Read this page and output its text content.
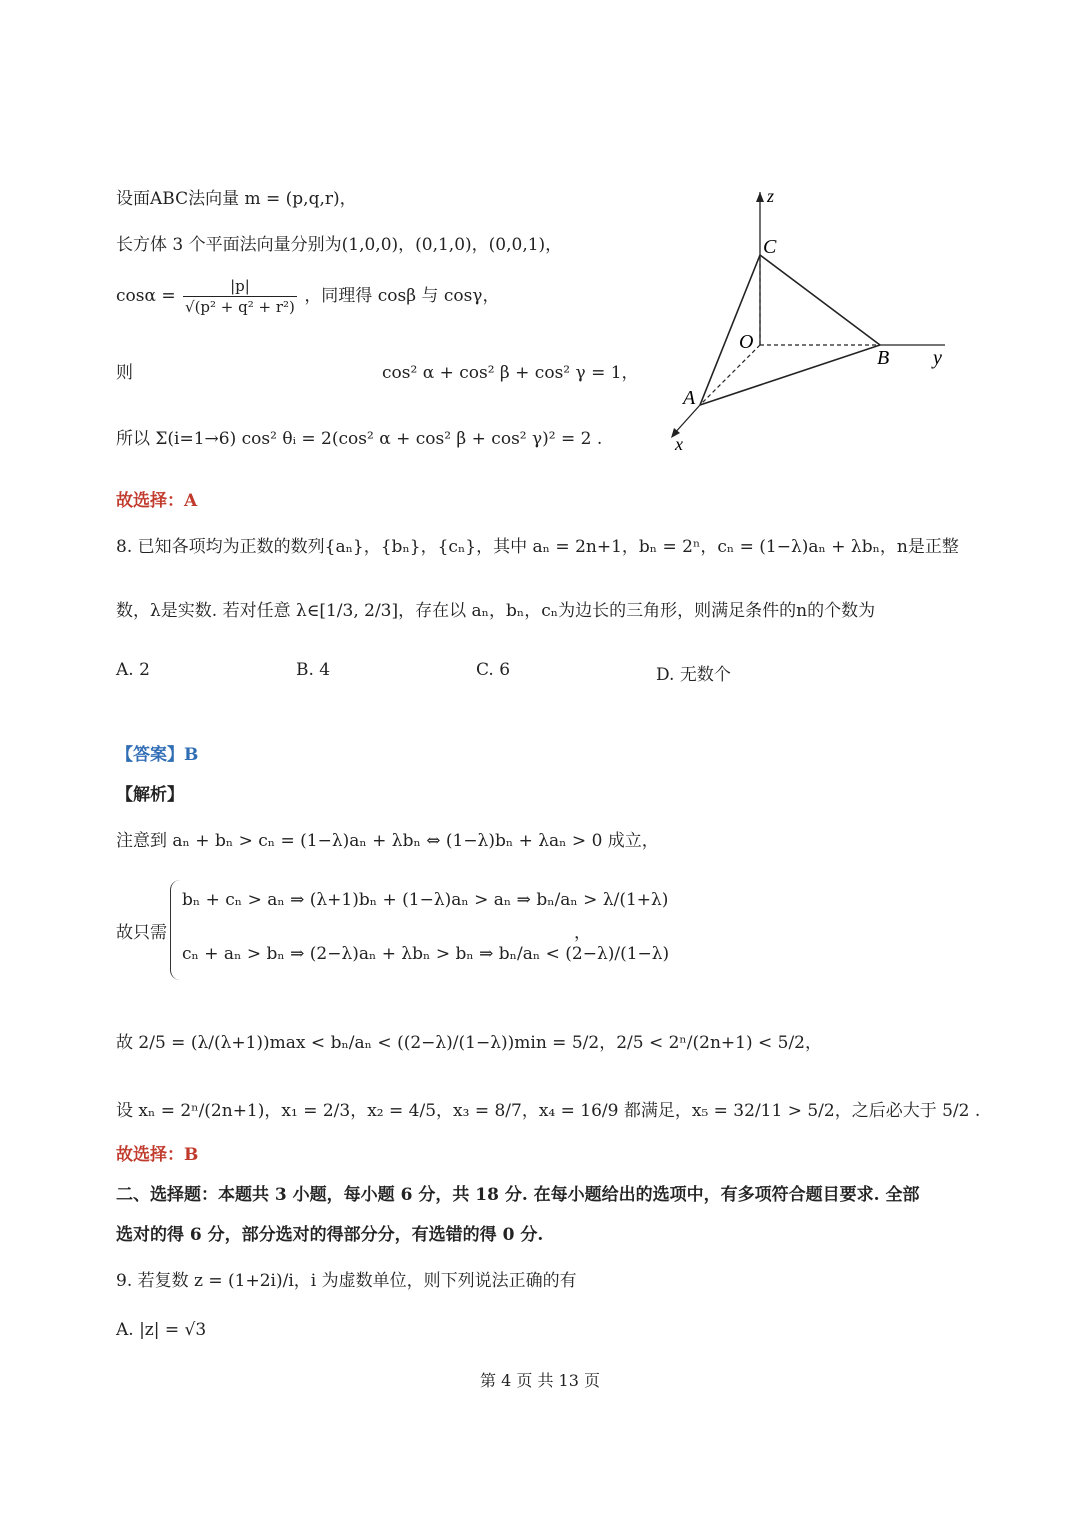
设面ABC法向量 m = (p,q,r)，
长方体 3 个平面法向量分别为(1,0,0)，(0,1,0)，(0,0,1)，
$\cos\alpha = \frac{|p|}{\text{√(p² + q² + r²)}}$ ，同理得 cosβ 与 cosγ，
则	cos² α + cos² β + cos² γ = 1，
所以 Σ(i=1→6) cos² θᵢ = 2(cos² α + cos² β + cos² γ)² = 2 .
故选择：A
z
C
O
B y
A
x
8. 已知各项均为正数的数列{aₙ}，{bₙ}，{cₙ}，其中 aₙ = 2n+1，bₙ = 2ⁿ，cₙ = (1−λ)aₙ + λbₙ，n是正整
数，λ是实数. 若对任意 λ∈[1/3, 2/3]，存在以 aₙ，bₙ，cₙ为边长的三角形，则满足条件的n的个数为
A. 2	B. 4	C. 6	D. 无数个
【答案】B
【解析】
注意到 aₙ + bₙ > cₙ = (1−λ)aₙ + λbₙ ⇔ (1−λ)bₙ + λaₙ > 0 成立，
故只需
bₙ + cₙ > aₙ ⇒ (λ+1)bₙ + (1−λ)aₙ > aₙ ⇒ bₙ/aₙ > λ/(1+λ)
cₙ + aₙ > bₙ ⇒ (2−λ)aₙ + λbₙ > bₙ ⇒ bₙ/aₙ < (2−λ)/(1−λ)
，
故 2/5 = (λ/(λ+1))max < bₙ/aₙ < ((2−λ)/(1−λ))min = 5/2，2/5 < 2ⁿ/(2n+1) < 5/2，
设 xₙ = 2ⁿ/(2n+1)，x₁ = 2/3，x₂ = 4/5，x₃ = 8/7，x₄ = 16/9 都满足，x₅ = 32/11 > 5/2，之后必大于 5/2 .
故选择：B
二、选择题：本题共 3 小题，每小题 6 分，共 18 分. 在每小题给出的选项中，有多项符合题目要求. 全部
选对的得 6 分，部分选对的得部分分，有选错的得 0 分.
9. 若复数 z = (1+2i)/i，i 为虚数单位，则下列说法正确的有
A. |z| = √3
第 4 页 共 13 页
